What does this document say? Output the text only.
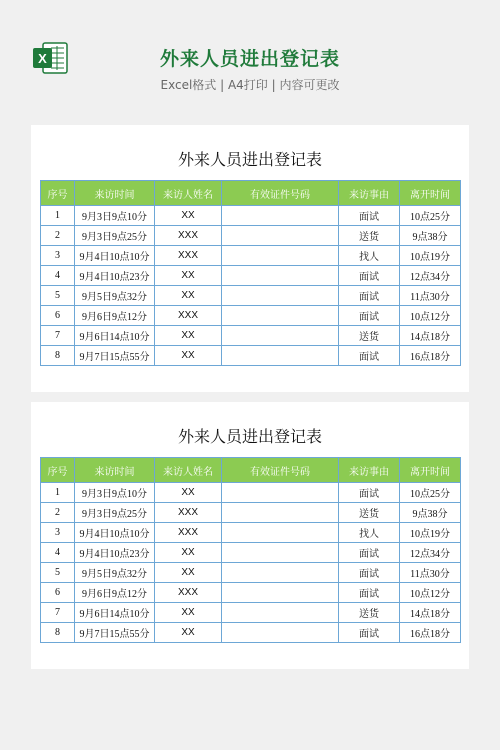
X	外来人员进出登记表
Excel格式 | A4打印 | 内容可更改
外来人员进出登记表
序号	来访时间	来访人姓名	有效证件号码	来访事由	离开时间
1	9月3日9点10分	XX		面试	10点25分
2	9月3日9点25分	XXX		送货	9点38分
3	9月4日10点10分	XXX		找人	10点19分
4	9月4日10点23分	XX		面试	12点34分
5	9月5日9点32分	XX		面试	11点30分
6	9月6日9点12分	XXX		面试	10点12分
7	9月6日14点10分	XX		送货	14点18分
8	9月7日15点55分	XX		面试	16点18分
外来人员进出登记表
序号	来访时间	来访人姓名	有效证件号码	来访事由	离开时间
1	9月3日9点10分	XX		面试	10点25分
2	9月3日9点25分	XXX		送货	9点38分
3	9月4日10点10分	XXX		找人	10点19分
4	9月4日10点23分	XX		面试	12点34分
5	9月5日9点32分	XX		面试	11点30分
6	9月6日9点12分	XXX		面试	10点12分
7	9月6日14点10分	XX		送货	14点18分
8	9月7日15点55分	XX		面试	16点18分
